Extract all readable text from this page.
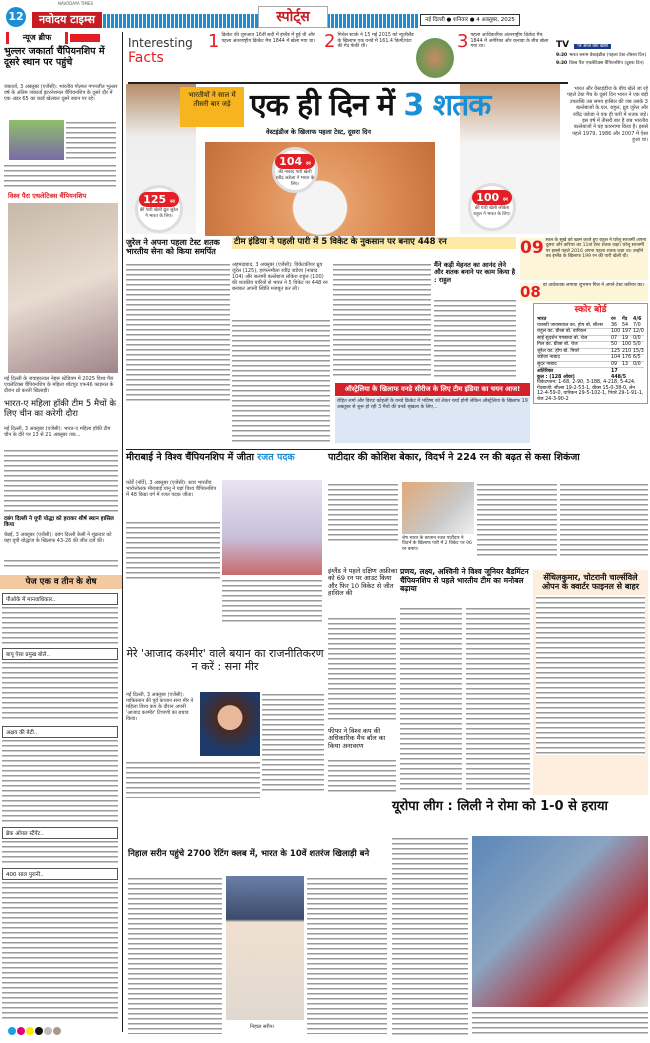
12
NAVODAYA TIMES
नवोदय टाइम्स	स्पोर्ट्स	नई दिल्ली ● शनिवार ● 4 अक्तूबर, 2025
न्यूज ब्रीफ
भुल्लर जकार्ता चैंपियनशिप में दूसरे स्थान पर पहुंचे
जकार्ता, 3 अक्तूबर (एजेंसी): भारतीय गोल्फर गगनजीत भुल्लर वर्ष के अंतिम जकार्ता इंटरनेशनल चैंपियनशिप के दूसरे दौर में एक अंडर 65 का कार्ड खेलकर दूसरे स्थान पर रहे।
विश्व पैरा एथलेटिक्स चैंपियनशिप
नई दिल्ली के जवाहरलाल नेहरू स्टेडियम में 2025 विश्व पैरा एथलेटिक्स चैंपियनशिप के महिला शॉटपुट एफ46 फाइनल के दौरान थ्रो करती खिलाड़ी।
भारत-ए महिला हॉकी टीम 5 मैचों के लिए चीन का करेगी दौरा
नई दिल्ली, 3 अक्तूबर (एजेंसी): भारत-ए महिला हॉकी टीम चीन के दौरे पर 13 से 21 अक्तूबर तक...
दबंग दिल्ली ने यूपी योद्धा को हराकर शीर्ष स्थान हासिल किया
चेन्नई, 3 अक्तूबर (एजेंसी): दबंग दिल्ली केसी ने शुक्रवार को यहां यूपी योद्धाज के खिलाफ 43-26 की जीत दर्ज की।
पेज एक व तीन के शेष
पीओके में मानवाधिकार..
बापू ऐसा प्रमुख बोले..
अक्षय की बेटी..
ब्रेक ऑयल स्टैंपेंट..
400 साल पुरानी..
Interesting
Facts
1 क्रिकेट की शुरुआत 16वीं सदी में इंग्लैंड में हुई थी और पहला अंतरराष्ट्रीय क्रिकेट मैच 1844 में खेला गया था। 2 मिचेल स्टार्क ने 15 मई 2015 को न्यूजीलैंड के खिलाफ एक वनडे में 161.4 किमी/घंटा की गेंद फेंकी थी।	3 पहला आधिकारिक अंतरराष्ट्रीय क्रिकेट मैच 1844 में अमेरिका और कनाडा के बीच खेला गया था।	TV पर आज क्या खास
9:30 भारत बनाम वेस्टइंडीज (पहला टेस्ट-तीसरा दिन)
9:30 विश्व पैरा एथलेटिक्स चैंपियनशिप (दूसरा दिन)
भारतीयों ने साल में तीसरी बार जड़े एक ही दिन में 3 शतक
वेस्टइंडीज के खिलाफ पहला टेस्ट, दूसरा दिन
125 रन
की पारी खेली ध्रुव जुरेल ने भारत के लिए।
104 रन
की नाबाद पारी खेली रवींद्र जडेजा ने भारत के लिए।
100 रन
की पारी खेली लोकेश राहुल ने भारत के लिए।
भारत और वेस्टइंडीज के बीच खेले जा रहे पहले टेस्ट मैच के दूसरे दिन भारत ने एक बड़ी उपलब्धि उस समय हासिल की जब उसके 3 बल्लेबाजों के.एल. राहुल, ध्रुव जुरेल और रवींद्र जडेजा ने एक ही पारी में शतक जड़े। इस वर्ष में तीसरी बार है जब भारतीय बल्लेबाजों ने यह कारनामा किया है। इससे पहले 1979, 1986 और 2007 में ऐसा हुआ था।
जुरेल ने अपना पहला टेस्ट शतक भारतीय सेना को किया समर्पित
टीम इंडिया ने पहली पारी में 5 विकेट के नुकसान पर बनाए 448 रन
अहमदाबाद, 3 अक्तूबर (एजेंसी): विकेटकीपर ध्रुव जुरेल (125), हरफनमौला रवींद्र जडेजा (नाबाद 104) और सलामी बल्लेबाज लोकेश राहुल (100) की शतकीय पारियों से भारत ने 5 विकेट पर 448 रन बनाकर अपनी स्थिति मजबूत कर ली।
मैंने कड़ी मेहनत का आनंद लेने और शतक बनाने पर काम किया है : राहुल
09 साल के सूखे को खत्म करते हुए राहुल ने घरेलू सरजमीं अपना दूसरा और करियर का 11वां टेस्ट शतक जड़ा। घरेलू सरजमीं पर इससे पहले 2016 अपना पहला शतक जड़ा था। उन्होंने तब इंग्लैंड के खिलाफ 199 रन की पारी खेली थी।
08 वां अर्धशतक लगाया शुभमन गिल ने अपने टेस्ट करियर का।
स्कोर बोर्ड
भारत	रन	गेंद	4/6
यशस्वी जायसवाल का. होप बो. सील्स	36	54	7/0
राहुल का. ग्रीव्स बो. वारिकन	100 197 12/0
साई सुदर्शन पगबाधा बो. चेज	07	19	0/0
गिल का. ग्रीव्स बो. चेज	50	100 5/0
जुरेल का. होप बो. पियरे	125 210 15/3
जडेजा नाबाद	104 176 6/5
सुंदर नाबाद	09	13	0/0
अतिरिक्त	17
कुल : (128 ओवर)	448/5
विकेटपतन: 1-68, 2-90, 3-188, 4-218, 5-424.
गेंदबाजी: सील्स 19-2-53-1, ग्रीव्स 15-0-38-0, लेन 12-4-59-0, वारिकन 29-5-102-1, पियरे 29-1-91-1, चेज 24-3-90-2
ऑस्ट्रेलिया के खिलाफ वनडे सीरीज के लिए टीम इंडिया का चयन आज!
रोहित शर्मा और विराट कोहली के वनडे क्रिकेट में भविष्य को लेकर चर्चा होगी लेकिन ऑस्ट्रेलिया के खिलाफ 19 अक्तूबर से शुरू हो रही 3 मैचों की वनडे श्रृंखला के लिए...
मीराबाई ने विश्व चैंपियनशिप में जीता रजत पदक
फोर्डे (नॉर्वे), 3 अक्तूबर (एजेंसी): स्टार भारतीय भारोत्तोलक मीराबाई चानू ने यहां विश्व चैंपियनशिप में 48 किग्रा वर्ग में रजत पदक जीता।
पाटीदार की कोशिश बेकार, विदर्भ ने 224 रन की बढ़त से कसा शिकंजा
शेष भारत के कप्तान रजत पाटीदार ने विदर्भ के खिलाफ पारी में 2 विकेट पर 96 रन बनाए।
इंग्लैंड ने पहले दक्षिण अफ्रीका को 69 रन पर आउट किया और फिर 10 विकेट से जीत हासिल की
फीफा ने विश्व कप की अधिकारिक मैच बॉल का किया अनावरण
प्रणय, लक्ष्य, अश्विनी ने विश्व जूनियर बैडमिंटन चैंपियनशिप से पहले भारतीय टीम का मनोबल बढ़ाया
सेंथिलकुमार, चोटरानी चार्ल्सविले ओपन के क्वार्टर फाइनल से बाहर
मेरे 'आजाद कश्मीर' वाले बयान का राजनीतिकरण न करें : सना मीर
नई दिल्ली, 3 अक्तूबर (एजेंसी): पाकिस्तान की पूर्व कप्तान सना मीर ने महिला विश्व कप के दौरान अपनी 'आजाद कश्मीर' टिप्पणी का बचाव किया।
निहाल सरीन पहुंचे 2700 रेटिंग क्लब में, भारत के 10वें शतरंज खिलाड़ी बने
निहाल सरीन।
यूरोपा लीग : लिली ने रोमा को 1-0 से हराया
